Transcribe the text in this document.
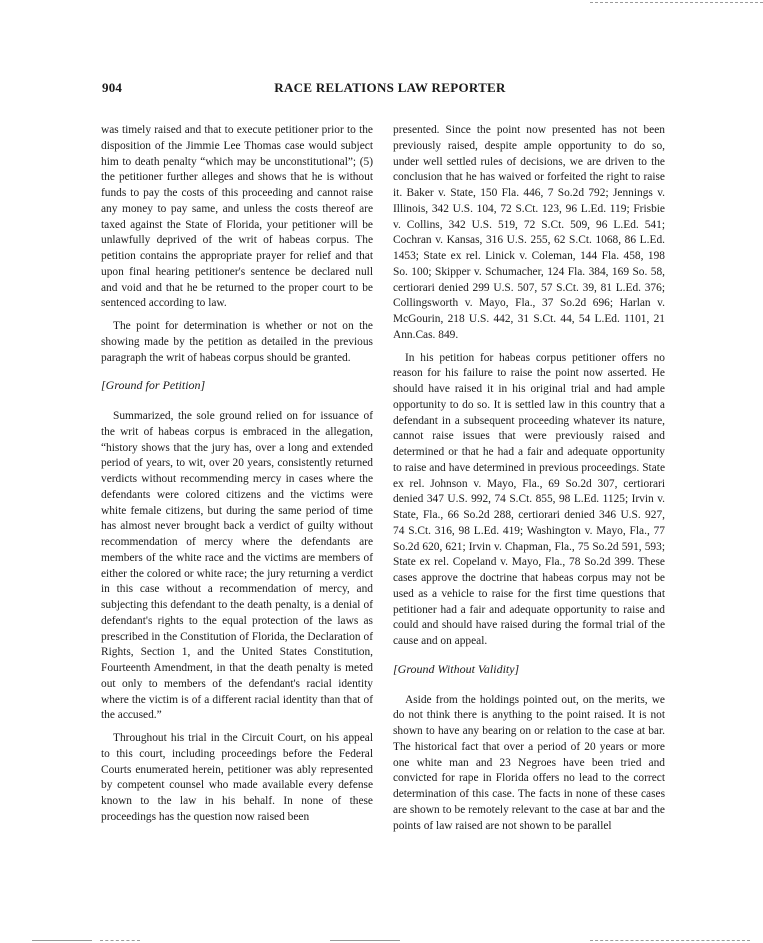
904	RACE RELATIONS LAW REPORTER

was timely raised and that to execute petitioner prior to the disposition of the Jimmie Lee Thomas case would subject him to death penalty “which may be unconstitutional”; (5) the petitioner further alleges and shows that he is without funds to pay the costs of this proceeding and cannot raise any money to pay same, and unless the costs thereof are taxed against the State of Florida, your petitioner will be unlawfully deprived of the writ of habeas corpus. The petition contains the appropriate prayer for relief and that upon final hearing petitioner's sentence be declared null and void and that he be returned to the proper court to be sentenced according to law.

The point for determination is whether or not on the showing made by the petition as detailed in the previous paragraph the writ of habeas corpus should be granted.

[Ground for Petition]

Summarized, the sole ground relied on for issuance of the writ of habeas corpus is embraced in the allegation, “history shows that the jury has, over a long and extended period of years, to wit, over 20 years, consistently returned verdicts without recommending mercy in cases where the defendants were colored citizens and the victims were white female citizens, but during the same period of time has almost never brought back a verdict of guilty without recommendation of mercy where the defendants are members of the white race and the victims are members of either the colored or white race; the jury returning a verdict in this case without a recommendation of mercy, and subjecting this defendant to the death penalty, is a denial of defendant's rights to the equal protection of the laws as prescribed in the Constitution of Florida, the Declaration of Rights, Section 1, and the United States Constitution, Fourteenth Amendment, in that the death penalty is meted out only to members of the defendant's racial identity where the victim is of a different racial identity than that of the accused.”

Throughout his trial in the Circuit Court, on his appeal to this court, including proceedings before the Federal Courts enumerated herein, petitioner was ably represented by competent counsel who made available every defense known to the law in his behalf. In none of these proceedings has the question now raised been

presented. Since the point now presented has not been previously raised, despite ample opportunity to do so, under well settled rules of decisions, we are driven to the conclusion that he has waived or forfeited the right to raise it. Baker v. State, 150 Fla. 446, 7 So.2d 792; Jennings v. Illinois, 342 U.S. 104, 72 S.Ct. 123, 96 L.Ed. 119; Frisbie v. Collins, 342 U.S. 519, 72 S.Ct. 509, 96 L.Ed. 541; Cochran v. Kansas, 316 U.S. 255, 62 S.Ct. 1068, 86 L.Ed. 1453; State ex rel. Linick v. Coleman, 144 Fla. 458, 198 So. 100; Skipper v. Schumacher, 124 Fla. 384, 169 So. 58, certiorari denied 299 U.S. 507, 57 S.Ct. 39, 81 L.Ed. 376; Collingsworth v. Mayo, Fla., 37 So.2d 696; Harlan v. McGourin, 218 U.S. 442, 31 S.Ct. 44, 54 L.Ed. 1101, 21 Ann.Cas. 849.

In his petition for habeas corpus petitioner offers no reason for his failure to raise the point now asserted. He should have raised it in his original trial and had ample opportunity to do so. It is settled law in this country that a defendant in a subsequent proceeding whatever its nature, cannot raise issues that were previously raised and determined or that he had a fair and adequate opportunity to raise and have determined in previous proceedings. State ex rel. Johnson v. Mayo, Fla., 69 So.2d 307, certiorari denied 347 U.S. 992, 74 S.Ct. 855, 98 L.Ed. 1125; Irvin v. State, Fla., 66 So.2d 288, certiorari denied 346 U.S. 927, 74 S.Ct. 316, 98 L.Ed. 419; Washington v. Mayo, Fla., 77 So.2d 620, 621; Irvin v. Chapman, Fla., 75 So.2d 591, 593; State ex rel. Copeland v. Mayo, Fla., 78 So.2d 399. These cases approve the doctrine that habeas corpus may not be used as a vehicle to raise for the first time questions that petitioner had a fair and adequate opportunity to raise and could and should have raised during the formal trial of the cause and on appeal.

[Ground Without Validity]

Aside from the holdings pointed out, on the merits, we do not think there is anything to the point raised. It is not shown to have any bearing on or relation to the case at bar. The historical fact that over a period of 20 years or more one white man and 23 Negroes have been tried and convicted for rape in Florida offers no lead to the correct determination of this case. The facts in none of these cases are shown to be remotely relevant to the case at bar and the points of law raised are not shown to be parallel
